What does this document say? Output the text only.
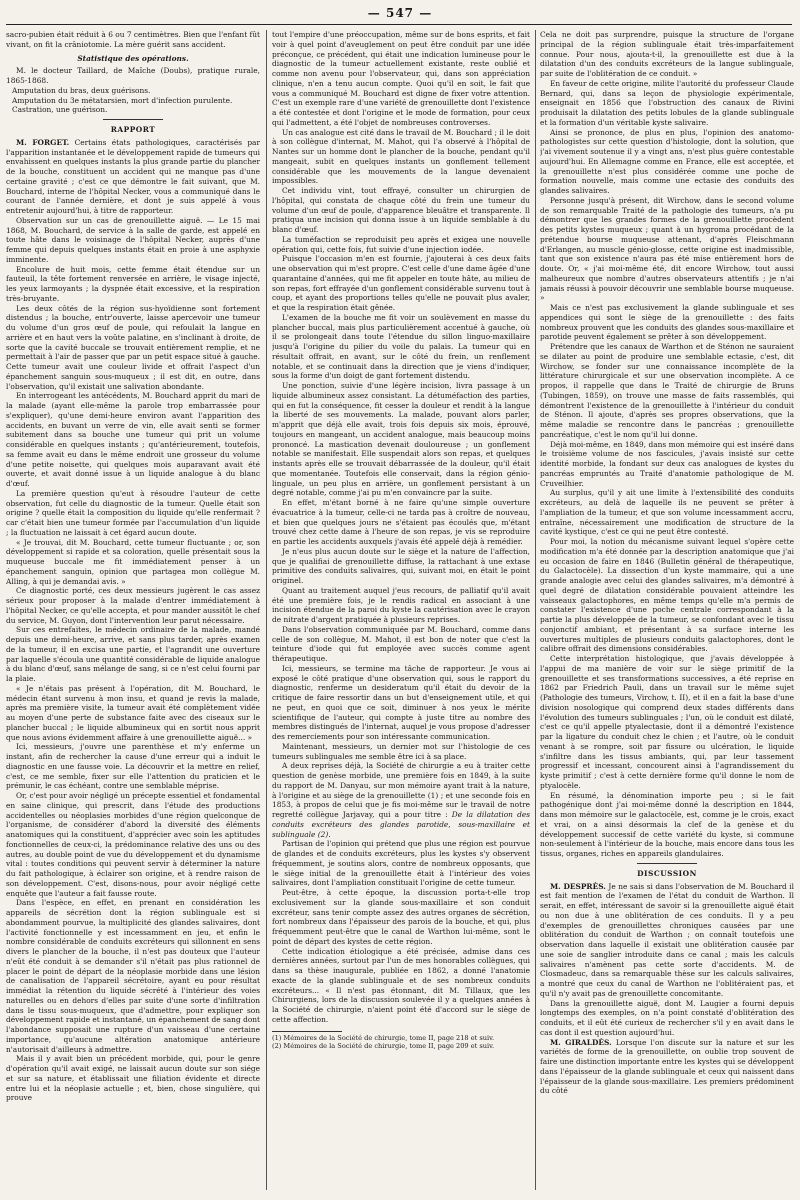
— 547 —

sacro-pubien était réduit à 6 ou 7 centimètres. Bien que l'enfant fût vivant, on fit la crâniotomie. La mère guérit sans accident.

Statistique des opérations.

M. le docteur Taillard, de Maîche (Doubs), pratique rurale, 1865-1868.

Amputation du bras, deux guérisons.

Amputation du 3e métatarsien, mort d'infection purulente.

Castration, une guérison.

RAPPORT

M. FORGET. Certains états pathologiques, caractérisés par l'apparition instantanée et le développement rapide de tumeurs qui envahissent en quelques instants la plus grande partie du plancher de la bouche, constituent un accident qui ne manque pas d'une certaine gravité ; c'est ce que démontre le fait suivant, que M. Bouchard, interne de l'hôpital Necker, vous a communiqué dans le courant de l'année dernière, et dont je suis appelé à vous entretenir aujourd'hui, à titre de rapporteur.

Observation sur un cas de grenouillette aiguë. — Le 15 mai 1868, M. Bouchard, de service à la salle de garde, est appelé en toute hâte dans le voisinage de l'hôpital Necker, auprès d'une femme qui depuis quelques instants était en proie à une asphyxie imminente.

Encolure de huit mois, cette femme était étendue sur un fauteuil, la tête fortement renversée en arrière, le visage injecté, les yeux larmoyants ; la dyspnée était excessive, et la respiration très-bruyante.

Les deux côtés de la région sus-hyoïdienne sont fortement distendus ; la bouche, entr'ouverte, laisse apercevoir une tumeur du volume d'un gros œuf de poule, qui refoulait la langue en arrière et en haut vers la voûte palatine, en s'inclinant à droite, de sorte que la cavité buccale se trouvait entièrement remplie, et ne permettait à l'air de passer que par un petit espace situé à gauche. Cette tumeur avait une couleur livide et offrait l'aspect d'un épanchement sanguin sous-muqueux ; il est dit, en outre, dans l'observation, qu'il existait une salivation abondante.

En interrogeant les antécédents, M. Bouchard apprit du mari de la malade (ayant elle-même la parole trop embarrassée pour s'expliquer), qu'une demi-heure environ avant l'apparition des accidents, en buvant un verre de vin, elle avait senti se former subitement dans sa bouche une tumeur qui prit un volume considérable en quelques instants ; qu'antérieurement, toutefois, sa femme avait eu dans le même endroit une grosseur du volume d'une petite noisette, qui quelques mois auparavant avait été ouverte, et avait donné issue à un liquide analogue à du blanc d'œuf.

La première question qu'eut à résoudre l'auteur de cette observation, fut celle du diagnostic de la tumeur. Quelle était son origine ? quelle était la composition du liquide qu'elle renfermait ? car c'était bien une tumeur formée par l'accumulation d'un liquide ; la fluctuation ne laissait à cet égard aucun doute.

« Je trouvai, dit M. Bouchard, cette tumeur fluctuante ; or, son développement si rapide et sa coloration, quelle présentait sous la muqueuse buccale me fit immédiatement penser à un épanchement sanguin, opinion que partagea mon collègue M. Alling, à qui je demandai avis. »

Ce diagnostic porté, ces deux messieurs jugèrent le cas assez sérieux pour proposer à la malade d'entrer immédiatement à l'hôpital Necker, ce qu'elle accepta, et pour mander aussitôt le chef du service, M. Guyon, dont l'intervention leur parut nécessaire.

Sur ces entrefaites, le médecin ordinaire de la malade, mandé depuis une demi-heure, arrive, et sans plus tarder, après examen de la tumeur, il en excisa une partie, et l'agrandit une ouverture par laquelle s'écoula une quantité considérable de liquide analogue à du blanc d'œuf, sans mélange de sang, si ce n'est celui fourni par la plaie.

« Je n'étais pas présent à l'opération, dit M. Bouchard, le médecin étant survenu à mon insu, et quand je revis la malade, après ma première visite, la tumeur avait été complètement vidée au moyen d'une perte de substance faite avec des ciseaux sur le plancher buccal ; le liquide albumineux qui en sortit nous apprit que nous avions évidemment affaire à une grenouillette aiguë... »

Ici, messieurs, j'ouvre une parenthèse et m'y enferme un instant, afin de rechercher la cause d'une erreur qui a induit le diagnostic en une fausse voie. La découvrir et la mettre en relief, c'est, ce me semble, fixer sur elle l'attention du praticien et le prémunir, le cas échéant, contre une semblable méprise.

Or, c'est pour avoir négligé un précepte essentiel et fondamental en saine clinique, qui prescrit, dans l'étude des productions accidentelles ou néoplasies morbides d'une région quelconque de l'organisme, de considérer d'abord la diversité des éléments anatomiques qui la constituent, d'apprécier avec soin les aptitudes fonctionnelles de ceux-ci, la prédominance relative des uns ou des autres, au double point de vue du développement et du dynamisme vital : toutes conditions qui peuvent servir à déterminer la nature du fait pathologique, à éclairer son origine, et à rendre raison de son développement. C'est, disons-nous, pour avoir négligé cette enquête que l'auteur a fait fausse route.

Dans l'espèce, en effet, en prenant en considération les appareils de sécrétion dont la région sublinguale est si abondamment pourvue, la multiplicité des glandes salivaires, dont l'activité fonctionnelle y est incessamment en jeu, et enfin le nombre considérable de conduits excréteurs qui sillonnent en sens divers le plancher de la bouche, il n'est pas douteux que l'auteur n'eût été conduit à se demander s'il n'était pas plus rationnel de placer le point de départ de la néoplasie morbide dans une lésion de canalisation de l'appareil sécrétoire, ayant eu pour résultat immédiat la rétention du liquide sécrété à l'intérieur des voies naturelles ou en dehors d'elles par suite d'une sorte d'infiltration dans le tissu sous-muqueux, que d'admettre, pour expliquer son développement rapide et instantané, un épanchement de sang dont l'abondance supposait une rupture d'un vaisseau d'une certaine importance, qu'aucune altération anatomique antérieure n'autorisait d'ailleurs à admettre.

Mais il y avait bien un précédent morbide, qui, pour le genre d'opération qu'il avait exigé, ne laissait aucun doute sur son siége et sur sa nature, et établissait une filiation évidente et directe entre lui et la néoplasie actuelle ; et, bien, chose singulière, qui prouve

tout l'empire d'une préoccupation, même sur de bons esprits, et fait voir à quel point d'aveuglement on peut être conduit par une idée préconçue, ce précédent, qui était une indication lumineuse pour le diagnostic de la tumeur actuellement existante, reste oublié et comme non avenu pour l'observateur, qui, dans son appréciation clinique, n'en a tenu aucun compte. Quoi qu'il en soit, le fait que vous a communiqué M. Bouchard est digne de fixer votre attention. C'est un exemple rare d'une variété de grenouillette dont l'existence a été contestée et dont l'origine et le mode de formation, pour ceux qui l'admettent, a été l'objet de nombreuses controverses.

Un cas analogue est cité dans le travail de M. Bouchard ; il le doit à son collègue d'internat, M. Mahot, qui l'a observé à l'hôpital de Nantes sur un homme dont le plancher de la bouche, pendant qu'il mangeait, subit en quelques instants un gonflement tellement considérable que les mouvements de la langue devenaient impossibles.

Cet individu vint, tout effrayé, consulter un chirurgien de l'hôpital, qui constata de chaque côté du frein une tumeur du volume d'un œuf de poule, d'apparence bleuâtre et transparente. Il pratiqua une incision qui donna issue à un liquide semblable à du blanc d'œuf.

La tuméfaction se reproduisit peu après et exigea une nouvelle opération qui, cette fois, fut suivie d'une injection iodée.

Puisque l'occasion m'en est fournie, j'ajouterai à ces deux faits une observation qui m'est propre. C'est celle d'une dame âgée d'une quarantaine d'années, qui me fit appeler en toute hâte, au milieu de son repas, fort effrayée d'un gonflement considérable survenu tout à coup, et ayant des proportions telles qu'elle ne pouvait plus avaler, et que la respiration était gênée.

L'examen de la bouche me fit voir un soulèvement en masse du plancher buccal, mais plus particulièrement accentué à gauche, où il se prolongeait dans toute l'étendue du sillon linguo-maxillaire jusqu'à l'origine du pilier du voile du palais. La tumeur qui en résultait offrait, en avant, sur le côté du frein, un renflement notable, et se continuait dans la direction que je viens d'indiquer, sous la forme d'un doigt de gant fortement distendu.

Une ponction, suivie d'une légère incision, livra passage à un liquide albumineux assez consistant. La détuméfaction des parties, qui en fut la conséquence, fit cesser la douleur et rendit à la langue la liberté de ses mouvements. La malade, pouvant alors parler, m'apprit que déjà elle avait, trois fois depuis six mois, éprouvé, toujours en mangeant, un accident analogue, mais beaucoup moins prononcé. La mastication devenait douloureuse ; un gonflement notable se manifestait. Elle suspendait alors son repas, et quelques instants après elle se trouvait débarrassée de la douleur, qu'il était que momentanée. Toutefois elle conservait, dans la région génio-linguale, un peu plus en arrière, un gonflement persistant à un degré notable, comme j'ai pu m'en convaincre par la suite.

En effet, m'étant borné à ne faire qu'une simple ouverture évacuatrice à la tumeur, celle-ci ne tarda pas à croître de nouveau, et bien que quelques jours ne s'étaient pas écoulés que, m'étant trouvé chez cette dame à l'heure de son repas, je vis se reproduire en partie les accidents auxquels j'avais été appelé déjà à remédier.

Je n'eus plus aucun doute sur le siège et la nature de l'affection, que je qualifiai de grenouillette diffuse, la rattachant à une extase primitive des conduits salivaires, qui, suivant moi, en était le point originel.

Quant au traitement auquel j'eus recours, de palliatif qu'il avait été une première fois, je le rendis radical en associant à une incision étendue de la paroi du kyste la cautérisation avec le crayon de nitrate d'argent pratiquée à plusieurs reprises.

Dans l'observation communiquée par M. Bouchard, comme dans celle de son collègue, M. Mahot, il est bon de noter que c'est la teinture d'iode qui fut employée avec succès comme agent thérapeutique.

Ici, messieurs, se termine ma tâche de rapporteur. Je vous ai exposé le côté pratique d'une observation qui, sous le rapport du diagnostic, renferme un desideratum qu'il était du devoir de la critique de faire ressortir dans un but d'enseignement utile, et qui ne peut, en quoi que ce soit, diminuer à nos yeux le mérite scientifique de l'auteur, qui compte à juste titre au nombre des membres distingués de l'internat, auquel je vous propose d'adresser des remerciements pour son intéressante communication.

Maintenant, messieurs, un dernier mot sur l'histologie de ces tumeurs sublinguales me semble être ici à sa place.

A deux reprises déjà, la Société de chirurgie a eu à traiter cette question de genèse morbide, une première fois en 1849, à la suite du rapport de M. Danyau, sur mon mémoire ayant trait à la nature, à l'origine et au siège de la grenouillette (1) ; et une seconde fois en 1853, à propos de celui que je fis moi-même sur le travail de notre regretté collègue Jarjavay, qui a pour titre : De la dilatation des conduits excréteurs des glandes parotide, sous-maxillaire et sublinguale (2).

Partisan de l'opinion qui prétend que plus une région est pourvue de glandes et de conduits excréteurs, plus les kystes s'y observent fréquemment, je soutins alors, contre de nombreux opposants, que le siège initial de la grenouillette était à l'intérieur des voies salivaires, dont l'ampliation constituait l'origine de cette tumeur.

Peut-être, à cette époque, la discussion porta-t-elle trop exclusivement sur la glande sous-maxillaire et son conduit excréteur, sans tenir compte assez des autres organes de sécrétion, fort nombreux dans l'épaisseur des parois de la bouche, et qui, plus fréquemment peut-être que le canal de Warthon lui-même, sont le point de départ des kystes de cette région.

Cette indication étiologique a été précisée, admise dans ces dernières années, surtout par l'un de mes honorables collègues, qui dans sa thèse inaugurale, publiée en 1862, a donné l'anatomie exacte de la glande sublinguale et de ses nombreux conduits excréteurs... « Il n'est pas étonnant, dit M. Tillaux, que les Chirurgiens, lors de la discussion soulevée il y a quelques années à la Société de chirurgie, n'aient point été d'accord sur le siège de cette affection.

(1) Mémoires de la Société de chirurgie, tome II, page 218 et suiv.

(2) Mémoires de la Société de chirurgie, tome II, page 209 et suiv.

Cela ne doit pas surprendre, puisque la structure de l'organe principal de la région sublinguale était très-imparfaitement connue. Pour nous, ajouta-t-il, la grenouillette est due à la dilatation d'un des conduits excréteurs de la langue sublinguale, par suite de l'oblitération de ce conduit. »

En faveur de cette origine, milite l'autorité du professeur Claude Bernard, qui, dans sa leçon de physiologie expérimentale, enseignait en 1856 que l'obstruction des canaux de Rivini produisait la dilatation des petits lobules de la glande sublinguale et la formation d'un véritable kyste salivaire.

Ainsi se prononce, de plus en plus, l'opinion des anatomo-pathologistes sur cette question d'histologie, dont la solution, que j'ai vivement soutenue il y a vingt ans, n'est plus guère contestable aujourd'hui. En Allemagne comme en France, elle est acceptée, et la grenouillette n'est plus considérée comme une poche de formation nouvelle, mais comme une ectasie des conduits des glandes salivaires.

Personne jusqu'à présent, dit Wirchow, dans le second volume de son remarquable Traité de la pathologie des tumeurs, n'a pu démontrer que les grandes formes de la grenouillette procèdent des petits kystes muqueux ; quant à un hygroma procédant de la prétendue bourse muqueuse attenant, d'après Fleischmann d'Erlangen, au muscle génio-glosse, cette origine est inadmissible, tant que son existence n'aura pas été mise entièrement hors de doute. Or, « j'ai moi-même été, dit encore Wirchow, tout aussi malheureux que nombre d'autres observateurs attentifs ; je n'ai jamais réussi à pouvoir découvrir une semblable bourse muqueuse. »

Mais ce n'est pas exclusivement la glande sublinguale et ses appendices qui sont le siège de la grenouillette : des faits nombreux prouvent que les conduits des glandes sous-maxillaire et parotide peuvent également se prêter à son développement.

Prétendre que les canaux de Warthon et de Sténon ne sauraient se dilater au point de produire une semblable ectasie, c'est, dit Wirchow, se fonder sur une connaissance incomplète de la littérature chirurgicale et sur une observation incomplète. A ce propos, il rappelle que dans le Traité de chirurgie de Bruns (Tubingen, 1859), on trouve une masse de faits rassemblés, qui démontrent l'existence de la grenouillette à l'intérieur du conduit de Sténon. Il ajoute, d'après ses propres observations, que la même maladie se rencontre dans le pancréas ; grenouillette pancréatique, c'est le nom qu'il lui donne.

Déjà moi-même, en 1849, dans mon mémoire qui est inséré dans le troisième volume de nos fascicules, j'avais insisté sur cette identité morbide, la fondant sur deux cas analogues de kystes du pancréas empruntés au Traité d'anatomie pathologique de M. Cruveilhier.

Au surplus, qu'il y ait une limite à l'extensibilité des conduits excréteurs, au delà de laquelle ils ne peuvent se prêter à l'ampliation de la tumeur, et que son volume incessamment accru, entraîne, nécessairement une modification de structure de la cavité kystique, c'est ce qui ne peut être contesté.

Pour moi, la notion du mécanisme suivant lequel s'opère cette modification m'a été donnée par la description anatomique que j'ai eu occasion de faire en 1846 (Bulletin général de thérapeutique, du Galactocèle). La dissection d'un kyste mammaire, qui a une grande analogie avec celui des glandes salivaires, m'a démontré à quel degré de dilatation considérable pouvaient atteindre les vaisseaux galactophores, en même temps qu'elle m'a permis de constater l'existence d'une poche centrale correspondant à la partie la plus développée de la tumeur, se confondant avec le tissu conjonctif ambiant, et présentant à sa surface interne les ouvertures multiples de plusieurs conduits galactophores, dont le calibre offrait des dimensions considérables.

Cette interprétation histologique, que j'avais développée à l'appui de ma manière de voir sur le siège primitif de la grenouillette et ses transformations successives, a été reprise en 1862 par Friedrich Pauli, dans un travail sur le même sujet (Pathologie des tumeurs, Virchow, t. II), et il en a fait la base d'une division nosologique qui comprend deux stades différents dans l'évolution des tumeurs sublinguales ; l'un, où le conduit est dilaté, c'est ce qu'il appelle ptyalectasie, dont il a démontré l'existence par la ligature du conduit chez le chien ; et l'autre, où le conduit venant à se rompre, soit par fissure ou ulcération, le liquide s'infiltre dans les tissus ambiants, qui, par leur tassement progressif et incessant, concourent ainsi à l'agrandissement du kyste primitif ; c'est à cette dernière forme qu'il donne le nom de ptyalocèle.

En résumé, la dénomination importe peu ; si le fait pathogénique dont j'ai moi-même donné la description en 1844, dans mon mémoire sur le galactocèle, est, comme je le crois, exact et vrai, on a ainsi désormais la clef de la genèse et du développement successif de cette variété du kyste, si commune non-seulement à l'intérieur de la bouche, mais encore dans tous les tissus, organes, riches en appareils glandulaires.

DISCUSSION

M. DESPRÈS. Je ne sais si dans l'observation de M. Bouchard il est fait mention de l'examen de l'état du conduit de Warthon. Il serait, en effet, intéressant de savoir si la grenouillette aiguë était ou non due à une oblitération de ces conduits. Il y a peu d'exemples de grenouillettes chroniques causées par une oblitération du conduit de Warthon ; on connaît toutefois une observation dans laquelle il existait une oblitération causée par une soie de sanglier introduite dans ce canal ; mais les calculs salivaires n'amènent pas cette sorte d'accidents. M. de Closmadeuc, dans sa remarquable thèse sur les calculs salivaires, a montré que ceux du canal de Warthon ne l'oblitéraient pas, et qu'il n'y avait pas de grenouillette concomitante.

Dans la grenouillette aiguë, dont M. Laugier a fourni depuis longtemps des exemples, on n'a point constaté d'oblitération des conduits, et il eût été curieux de rechercher s'il y en avait dans le cas dont il est question aujourd'hui.

M. GIRALDÈS. Lorsque l'on discute sur la nature et sur les variétés de forme de la grenouillette, on oublie trop souvent de faire une distinction importante entre les kystes qui se développent dans l'épaisseur de la glande sublinguale et ceux qui naissent dans l'épaisseur de la glande sous-maxillaire. Les premiers prédominent du côté
